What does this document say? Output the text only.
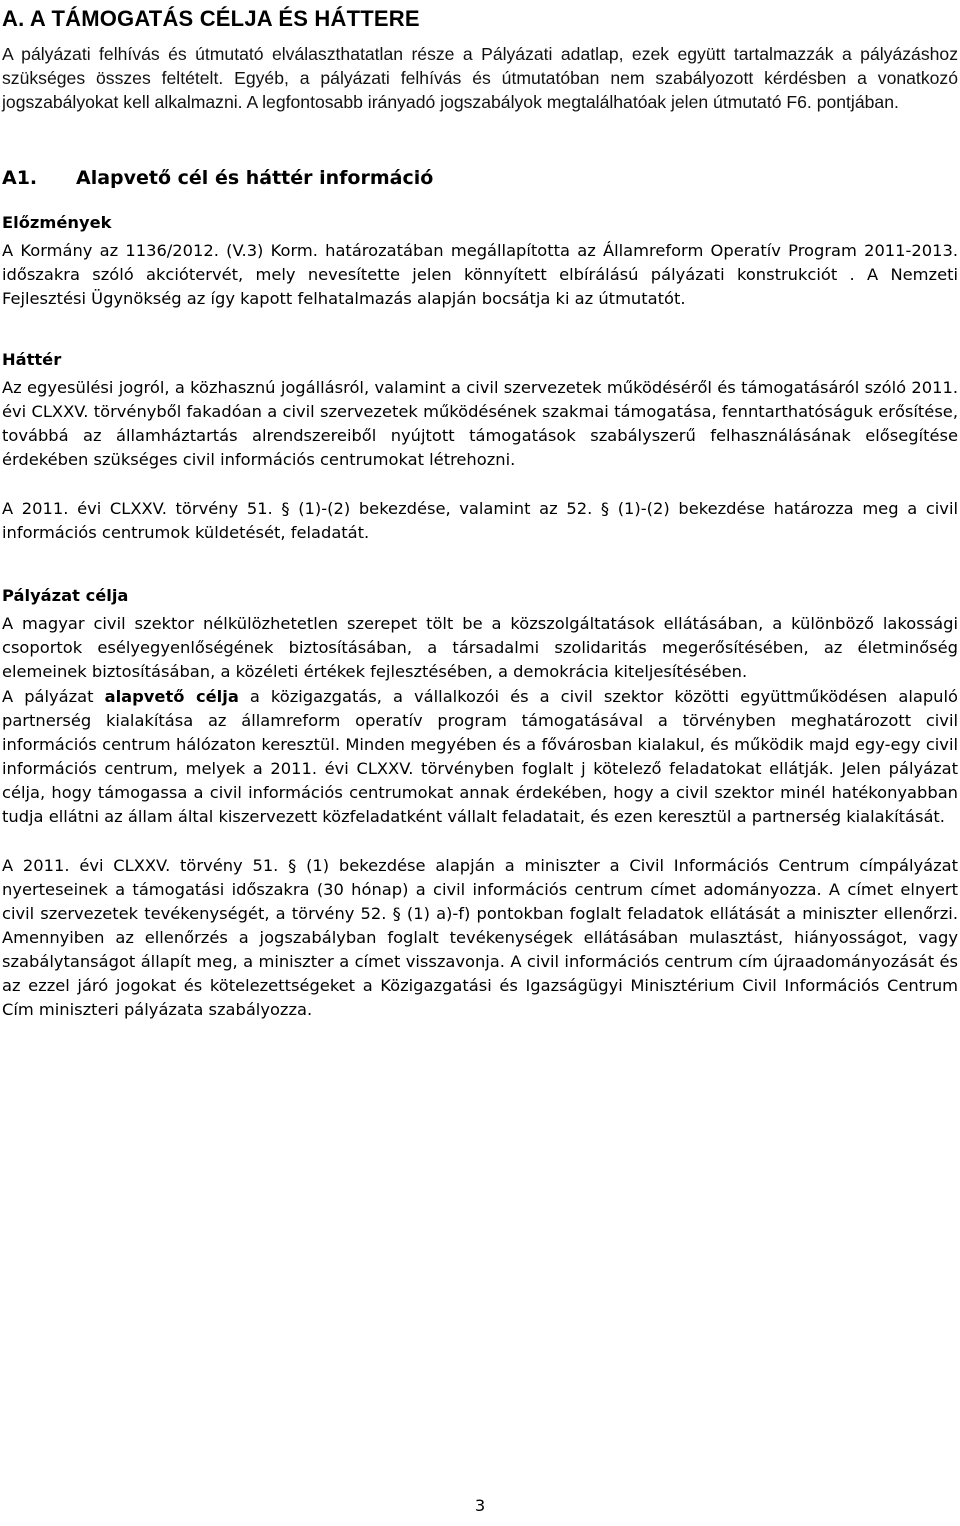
A. A TÁMOGATÁS CÉLJA ÉS HÁTTERE

A pályázati felhívás és útmutató elválaszthatatlan része a Pályázati adatlap, ezek együtt tartalmazzák a pályázáshoz szükséges összes feltételt. Egyéb, a pályázati felhívás és útmutatóban nem szabályozott kérdésben a vonatkozó jogszabályokat kell alkalmazni. A legfontosabb irányadó jogszabályok megtalálhatóak jelen útmutató F6. pontjában.

A1.	Alapvető cél és háttér információ
Előzmények

A Kormány az 1136/2012. (V.3) Korm. határozatában megállapította az Államreform Operatív Program 2011-2013. időszakra szóló akciótervét, mely nevesítette jelen könnyített elbírálású pályázati konstrukciót . A Nemzeti Fejlesztési Ügynökség az így kapott felhatalmazás alapján bocsátja ki az útmutatót.

Háttér

Az egyesülési jogról, a közhasznú jogállásról, valamint a civil szervezetek működéséről és támogatásáról szóló 2011. évi CLXXV. törvényből fakadóan a civil szervezetek működésének szakmai támogatása, fenntarthatóságuk erősítése, továbbá az államháztartás alrendszereiből nyújtott támogatások szabályszerű felhasználásának elősegítése érdekében szükséges civil információs centrumokat létrehozni.

A 2011. évi CLXXV. törvény 51. § (1)-(2) bekezdése, valamint az 52. § (1)-(2) bekezdése határozza meg a civil információs centrumok küldetését, feladatát.

Pályázat célja

A magyar civil szektor nélkülözhetetlen szerepet tölt be a közszolgáltatások ellátásában, a különböző lakossági csoportok esélyegyenlőségének biztosításában, a társadalmi szolidaritás megerősítésében, az életminőség elemeinek biztosításában, a közéleti értékek fejlesztésében, a demokrácia kiteljesítésében.

A pályázat alapvető célja a közigazgatás, a vállalkozói és a civil szektor közötti együttműködésen alapuló partnerség kialakítása az államreform operatív program támogatásával a törvényben meghatározott civil információs centrum hálózaton keresztül. Minden megyében és a fővárosban kialakul, és működik majd egy-egy civil információs centrum, melyek a 2011. évi CLXXV. törvényben foglalt j kötelező feladatokat ellátják. Jelen pályázat célja, hogy támogassa a civil információs centrumokat annak érdekében, hogy a civil szektor minél hatékonyabban tudja ellátni az állam által kiszervezett közfeladatként vállalt feladatait, és ezen keresztül a partnerség kialakítását.

A 2011. évi CLXXV. törvény 51. § (1) bekezdése alapján a miniszter a Civil Információs Centrum címpályázat nyerteseinek a támogatási időszakra (30 hónap) a civil információs centrum címet adományozza. A címet elnyert civil szervezetek tevékenységét, a törvény 52. § (1) a)-f) pontokban foglalt feladatok ellátását a miniszter ellenőrzi. Amennyiben az ellenőrzés a jogszabályban foglalt tevékenységek ellátásában mulasztást, hiányosságot, vagy szabálytanságot állapít meg, a miniszter a címet visszavonja. A civil információs centrum cím újraadományozását és az ezzel járó jogokat és kötelezettségeket a Közigazgatási és Igazságügyi Minisztérium Civil Információs Centrum Cím miniszteri pályázata szabályozza.

3
